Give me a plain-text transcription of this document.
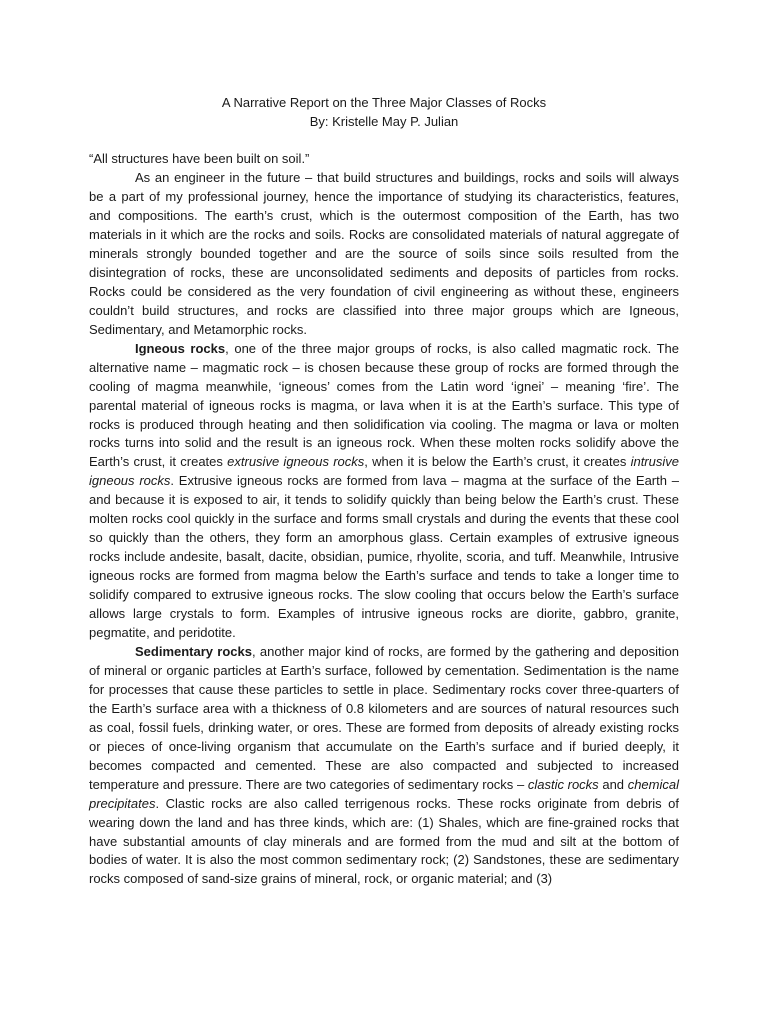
A Narrative Report on the Three Major Classes of Rocks
By: Kristelle May P. Julian

“All structures have been built on soil.”

As an engineer in the future – that build structures and buildings, rocks and soils will always be a part of my professional journey, hence the importance of studying its characteristics, features, and compositions. The earth’s crust, which is the outermost composition of the Earth, has two materials in it which are the rocks and soils. Rocks are consolidated materials of natural aggregate of minerals strongly bounded together and are the source of soils since soils resulted from the disintegration of rocks, these are unconsolidated sediments and deposits of particles from rocks. Rocks could be considered as the very foundation of civil engineering as without these, engineers couldn’t build structures, and rocks are classified into three major groups which are Igneous, Sedimentary, and Metamorphic rocks.

Igneous rocks, one of the three major groups of rocks, is also called magmatic rock. The alternative name – magmatic rock – is chosen because these group of rocks are formed through the cooling of magma meanwhile, ‘igneous’ comes from the Latin word ‘ignei’ – meaning ‘fire’. The parental material of igneous rocks is magma, or lava when it is at the Earth’s surface. This type of rocks is produced through heating and then solidification via cooling. The magma or lava or molten rocks turns into solid and the result is an igneous rock. When these molten rocks solidify above the Earth’s crust, it creates extrusive igneous rocks, when it is below the Earth’s crust, it creates intrusive igneous rocks. Extrusive igneous rocks are formed from lava – magma at the surface of the Earth – and because it is exposed to air, it tends to solidify quickly than being below the Earth’s crust. These molten rocks cool quickly in the surface and forms small crystals and during the events that these cool so quickly than the others, they form an amorphous glass. Certain examples of extrusive igneous rocks include andesite, basalt, dacite, obsidian, pumice, rhyolite, scoria, and tuff. Meanwhile, Intrusive igneous rocks are formed from magma below the Earth’s surface and tends to take a longer time to solidify compared to extrusive igneous rocks. The slow cooling that occurs below the Earth’s surface allows large crystals to form. Examples of intrusive igneous rocks are diorite, gabbro, granite, pegmatite, and peridotite.

Sedimentary rocks, another major kind of rocks, are formed by the gathering and deposition of mineral or organic particles at Earth’s surface, followed by cementation. Sedimentation is the name for processes that cause these particles to settle in place. Sedimentary rocks cover three-quarters of the Earth’s surface area with a thickness of 0.8 kilometers and are sources of natural resources such as coal, fossil fuels, drinking water, or ores. These are formed from deposits of already existing rocks or pieces of once-living organism that accumulate on the Earth’s surface and if buried deeply, it becomes compacted and cemented. These are also compacted and subjected to increased temperature and pressure. There are two categories of sedimentary rocks – clastic rocks and chemical precipitates. Clastic rocks are also called terrigenous rocks. These rocks originate from debris of wearing down the land and has three kinds, which are: (1) Shales, which are fine-grained rocks that have substantial amounts of clay minerals and are formed from the mud and silt at the bottom of bodies of water. It is also the most common sedimentary rock; (2) Sandstones, these are sedimentary rocks composed of sand-size grains of mineral, rock, or organic material; and (3)
